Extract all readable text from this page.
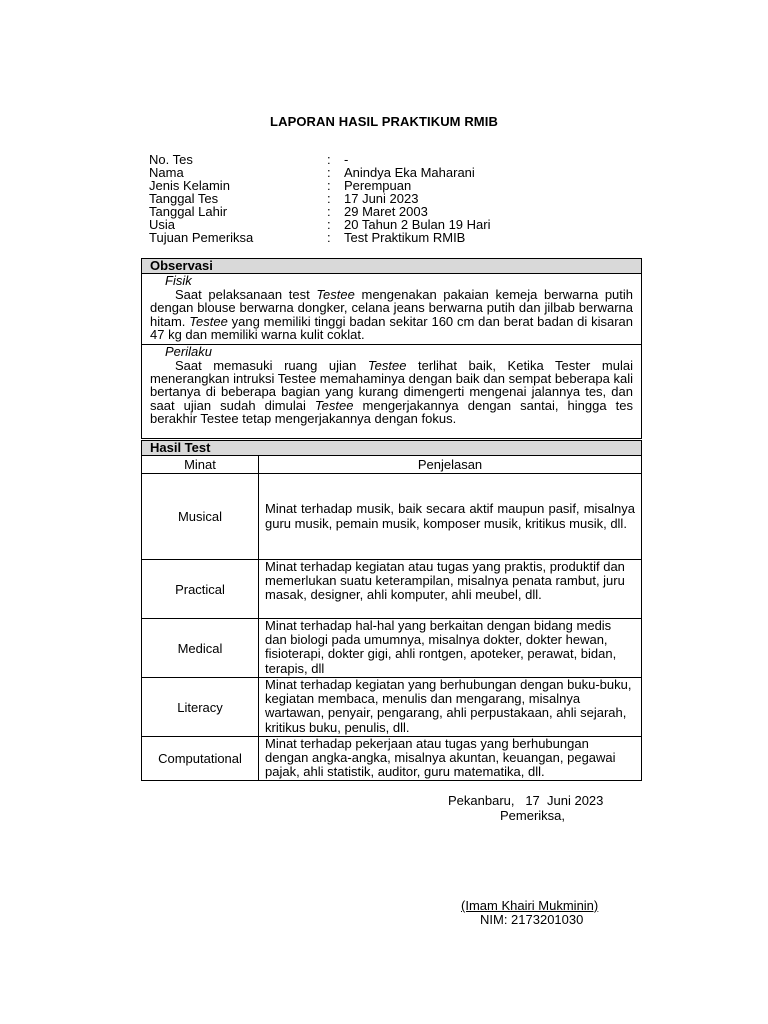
LAPORAN HASIL PRAKTIKUM RMIB
No. Tes	:	-
Nama	:	Anindya Eka Maharani
Jenis Kelamin	:	Perempuan
Tanggal Tes	:	17 Juni 2023
Tanggal Lahir	:	29 Maret 2003
Usia	:	20 Tahun 2 Bulan 19 Hari
Tujuan Pemeriksa	:	Test Praktikum RMIB
Observasi

Fisik

Saat pelaksanaan test Testee mengenakan pakaian kemeja berwarna putih dengan blouse berwarna dongker, celana jeans berwarna putih dan jilbab berwarna hitam. Testee yang memiliki tinggi badan sekitar 160 cm dan berat badan di kisaran 47 kg dan memiliki warna kulit coklat.

Perilaku

Saat memasuki ruang ujian Testee terlihat baik, Ketika Tester mulai menerangkan intruksi Testee memahaminya dengan baik dan sempat beberapa kali bertanya di beberapa bagian yang kurang dimengerti mengenai jalannya tes, dan saat ujian sudah dimulai Testee mengerjakannya dengan santai, hingga tes berakhir Testee tetap mengerjakannya dengan fokus.

Hasil Test	
Minat	Penjelasan
Musical	Minat terhadap musik, baik secara aktif maupun pasif, misalnya guru musik, pemain musik, komposer musik, kritikus musik, dll.
Practical	Minat terhadap kegiatan atau tugas yang praktis, produktif dan memerlukan suatu keterampilan, misalnya penata rambut, juru masak, designer, ahli komputer, ahli meubel, dll.
Medical	Minat terhadap hal-hal yang berkaitan dengan bidang medis dan biologi pada umumnya, misalnya dokter, dokter hewan, fisioterapi, dokter gigi, ahli rontgen, apoteker, perawat, bidan, terapis, dll
Literacy	Minat terhadap kegiatan yang berhubungan dengan buku-buku, kegiatan membaca, menulis dan mengarang, misalnya wartawan, penyair, pengarang, ahli perpustakaan, ahli sejarah, kritikus buku, penulis, dll.
Computational	Minat terhadap pekerjaan atau tugas yang berhubungan dengan angka-angka, misalnya akuntan, keuangan, pegawai pajak, ahli statistik, auditor, guru matematika, dll.
Pekanbaru,   17  Juni 2023
Pemeriksa,
(Imam Khairi Mukminin)
NIM: 2173201030
